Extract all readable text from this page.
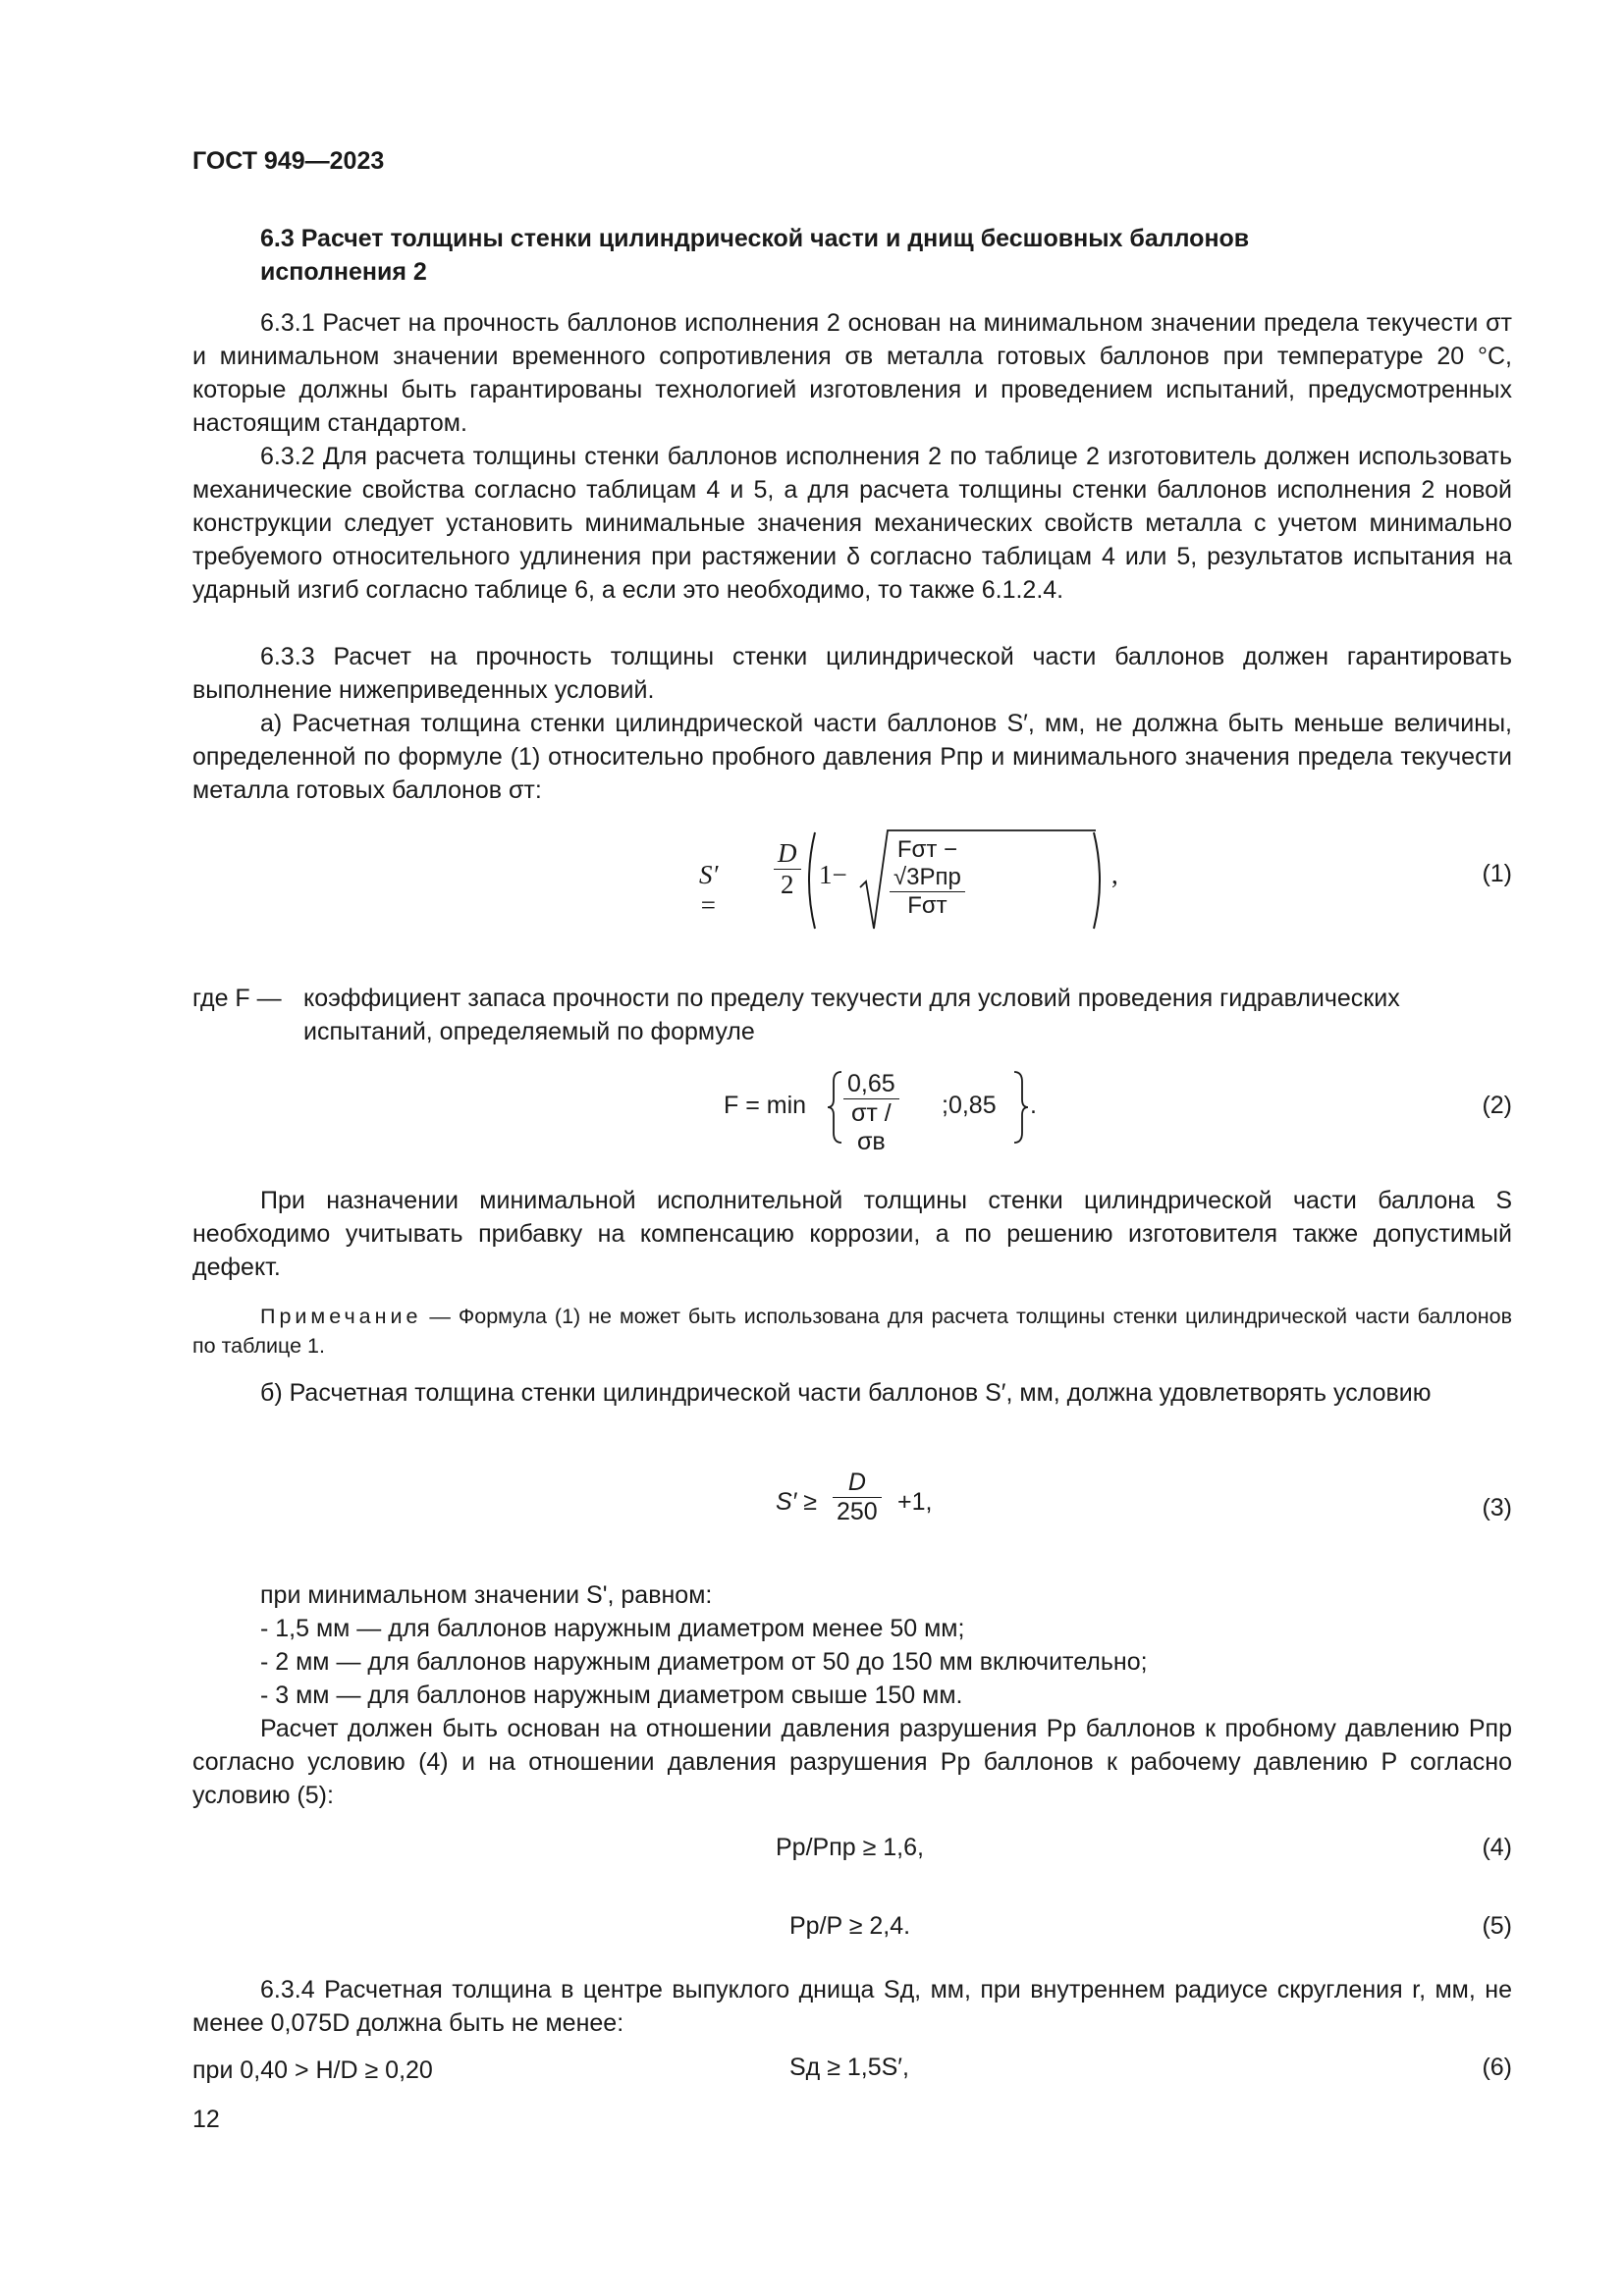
ГОСТ 949—2023
6.3 Расчет толщины стенки цилиндрической части и днищ бесшовных баллонов
исполнения 2

6.3.1 Расчет на прочность баллонов исполнения 2 основан на минимальном значении предела текучести σт и минимальном значении временного сопротивления σв металла готовых баллонов при температуре 20 °С, которые должны быть гарантированы технологией изготовления и проведением испытаний, предусмотренных настоящим стандартом.

6.3.2 Для расчета толщины стенки баллонов исполнения 2 по таблице 2 изготовитель должен использовать механические свойства согласно таблицам 4 и 5, а для расчета толщины стенки баллонов исполнения 2 новой конструкции следует установить минимальные значения механических свойств металла с учетом минимально требуемого относительного удлинения при растяжении δ согласно таблицам 4 или 5, результатов испытания на ударный изгиб согласно таблице 6, а если это необходимо, то также 6.1.2.4.

6.3.3 Расчет на прочность толщины стенки цилиндрической части баллонов должен гарантировать выполнение нижеприведенных условий.

а) Расчетная толщина стенки цилиндрической части баллонов S′, мм, не должна быть меньше величины, определенной по формуле (1) относительно пробного давления Pпр и минимального значения предела текучести металла готовых баллонов σт:

S′ =
$\frac{D}{2} 1-$
Fσт − √3Pпр
Fσт
,	(1)
где F — коэффициент запаса прочности по пределу текучести для условий проведения гидравлических испытаний, определяемый по формуле
F = min
0,65
σт / σв
;0,85 .	(2)

При назначении минимальной исполнительной толщины стенки цилиндрической части баллона S необходимо учитывать прибавку на компенсацию коррозии, а по решению изготовителя также допустимый дефект.

Примечание — Формула (1) не может быть использована для расчета толщины стенки цилиндрической части баллонов по таблице 1.

б) Расчетная толщина стенки цилиндрической части баллонов S′, мм, должна удовлетворять условию

$S' \ge \frac{D}{250} +1$,	(3)
при минимальном значении S', равном:
- 1,5 мм — для баллонов наружным диаметром менее 50 мм;
- 2 мм — для баллонов наружным диаметром от 50 до 150 мм включительно;
- 3 мм — для баллонов наружным диаметром свыше 150 мм.

Расчет должен быть основан на отношении давления разрушения Pр баллонов к пробному давлению Pпр согласно условию (4) и на отношении давления разрушения Pр баллонов к рабочему давлению P согласно условию (5):

Pр/Pпр ≥ 1,6,	(4)
Pр/P ≥ 2,4.	(5)

6.3.4 Расчетная толщина в центре выпуклого днища Sд, мм, при внутреннем радиусе скругления r, мм, не менее 0,075D должна быть не менее:

при 0,40 > H/D ≥ 0,20	Sд ≥ 1,5S′,	(6)
12
